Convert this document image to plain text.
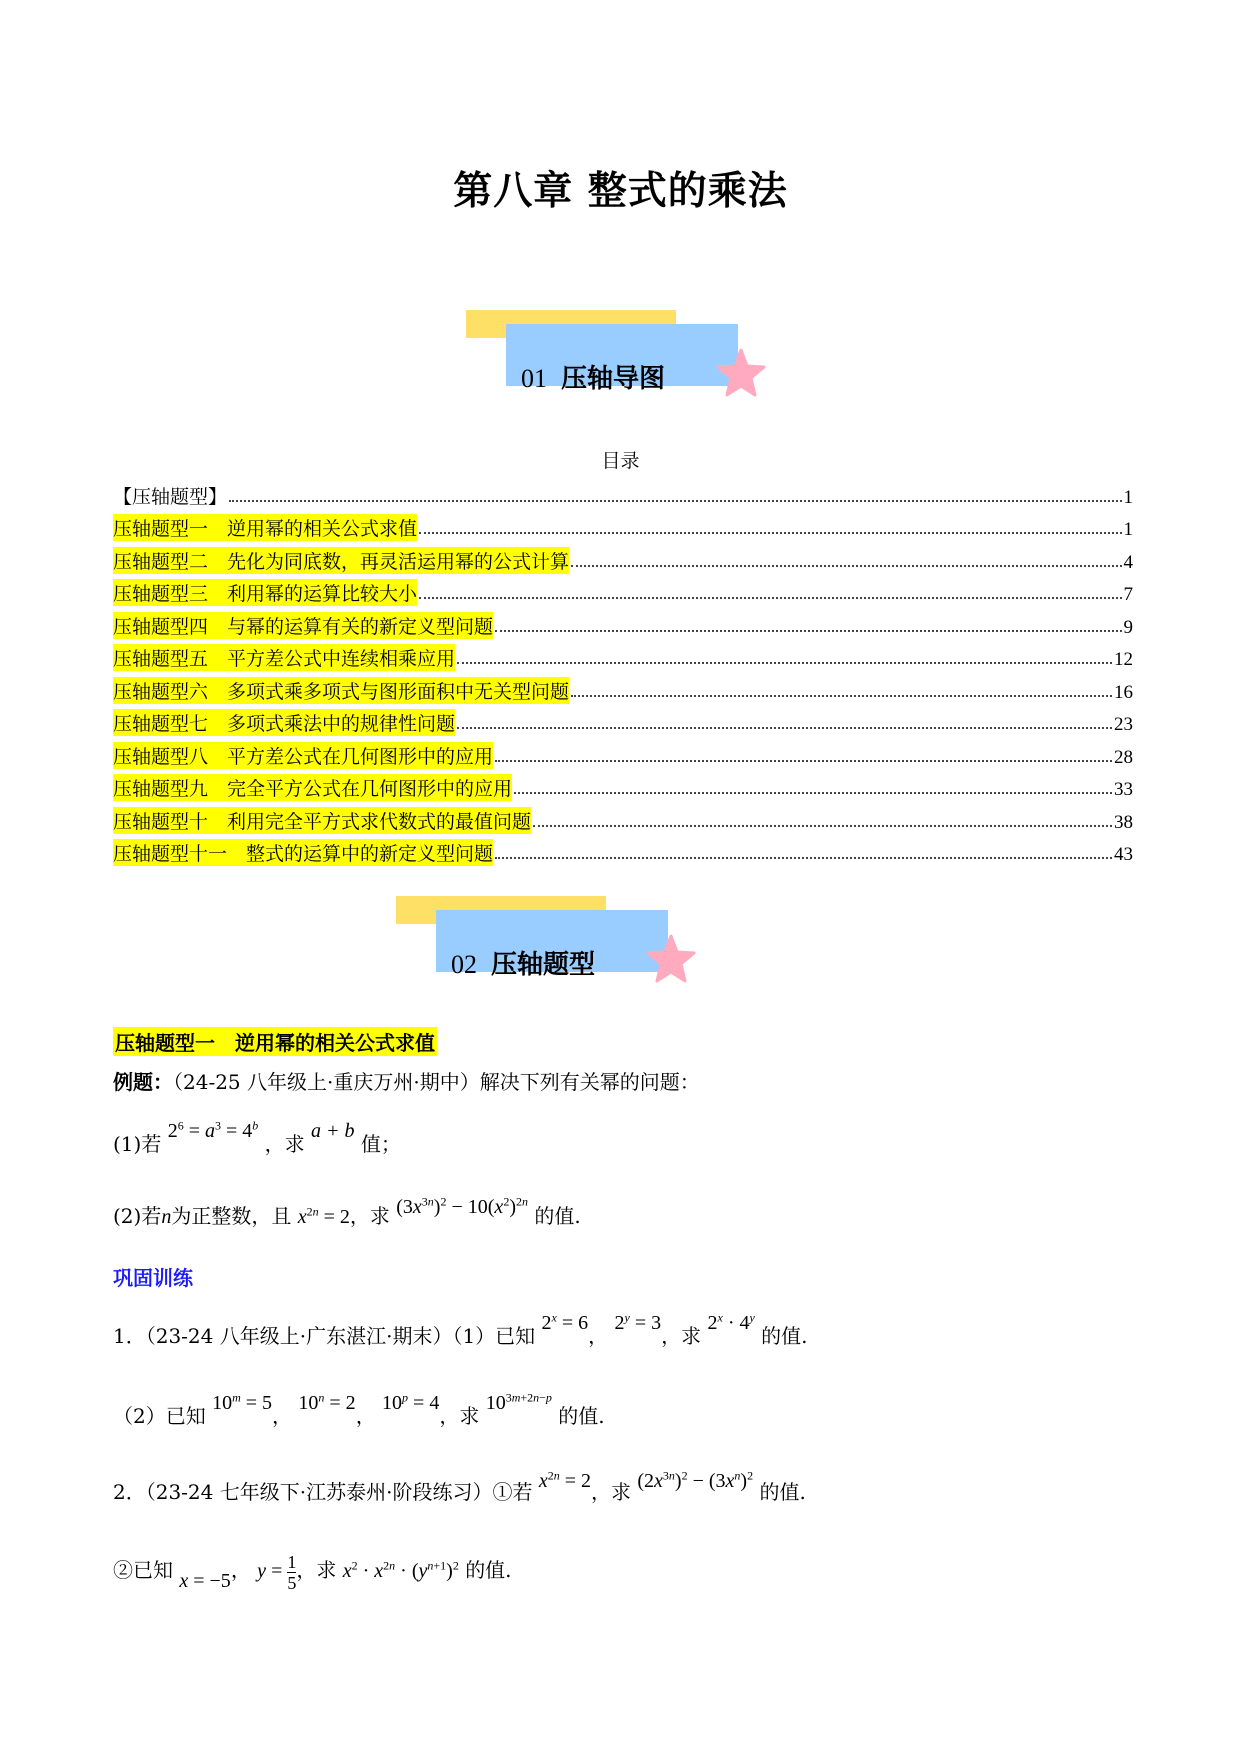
第八章 整式的乘法
01 压轴导图
目录
【压轴题型】	1
压轴题型一　逆用幂的相关公式求值	1
压轴题型二　先化为同底数，再灵活运用幂的公式计算	4
压轴题型三　利用幂的运算比较大小	7
压轴题型四　与幂的运算有关的新定义型问题	9
压轴题型五　平方差公式中连续相乘应用	12
压轴题型六　多项式乘多项式与图形面积中无关型问题	16
压轴题型七　多项式乘法中的规律性问题	23
压轴题型八　平方差公式在几何图形中的应用	28
压轴题型九　完全平方公式在几何图形中的应用	33
压轴题型十　利用完全平方式求代数式的最值问题	38
压轴题型十一　整式的运算中的新定义型问题	43
02 压轴题型
压轴题型一　逆用幂的相关公式求值
例题：（24-25 八年级上·重庆万州·期中）解决下列有关幂的问题：
(1)若 $2^6 = a^3 = 4^b$ ，求 a + b 值；
(2)若n为正整数，且 $x^{2n} = 2$，求 $(3x^{3n})^2 - 10(x^2)^{2n}$ 的值.
巩固训练
1．（23-24 八年级上·广东湛江·期末）（1）已知 $2^x = 6$， $2^y = 3$，求 $2^x \cdot 4^y$ 的值.
（2）已知 $10^m = 5$， $10^n = 2$， $10^p = 4$，求 $10^{3m+2n-p}$ 的值.
2．（23-24 七年级下·江苏泰州·阶段练习）①若 $x^{2n} = 2$，求 $(2x^{3n})^2 - (3x^n)^2$ 的值.
②已知 x = −5， $y = \frac{1}{5}$ ，求 $x^2 \cdot x^{2n} \cdot (y^{n+1})^2$ 的值.
